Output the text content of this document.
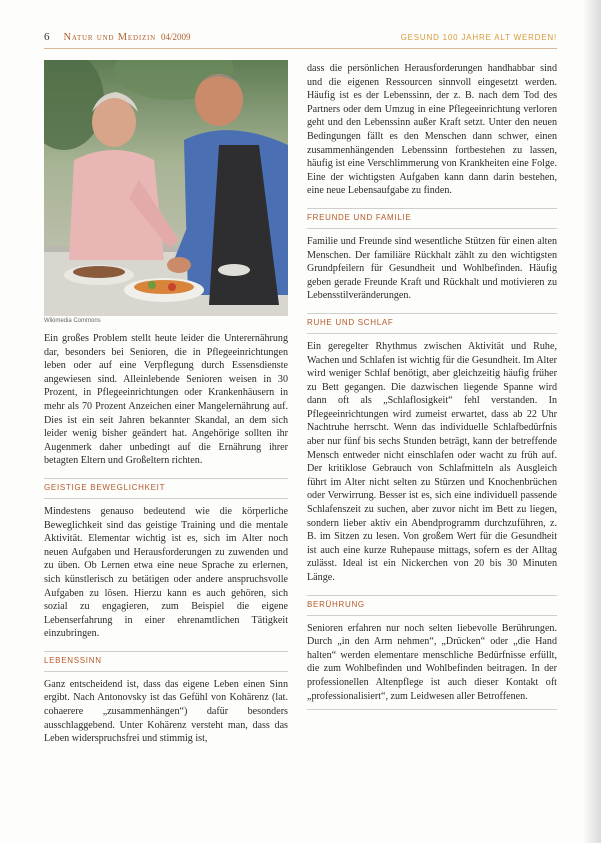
6 Natur und Medizin 04/2009	GESUND 100 JAHRE ALT WERDEN!
Wikimedia Commons

Ein großes Problem stellt heute leider die Unterernährung dar, besonders bei Senioren, die in Pflegeeinrichtungen leben oder auf eine Verpflegung durch Essensdienste angewiesen sind. Alleinlebende Senioren weisen in 30 Prozent, in Pflegeeinrichtungen oder Krankenhäusern in mehr als 70 Prozent Anzeichen einer Mangelernährung auf. Dies ist ein seit Jahren bekannter Skandal, an dem sich leider wenig bisher geändert hat. Angehörige sollten ihr Augenmerk daher unbedingt auf die Ernährung ihrer betagten Eltern und Großeltern richten.

GEISTIGE BEWEGLICHKEIT

Mindestens genauso bedeutend wie die körperliche Beweglichkeit sind das geistige Training und die mentale Aktivität. Elementar wichtig ist es, sich im Alter noch neuen Aufgaben und Herausforderungen zu zuwenden und zu üben. Ob Lernen etwa eine neue Sprache zu erlernen, sich künstlerisch zu betätigen oder andere anspruchsvolle Aufgaben zu lösen. Hierzu kann es auch gehören, sich sozial zu engagieren, zum Beispiel die eigene Lebenserfahrung in einer ehrenamtlichen Tätigkeit einzubringen.

LEBENSSINN

Ganz entscheidend ist, dass das eigene Leben einen Sinn ergibt. Nach Antonovsky ist das Gefühl von Kohärenz (lat. cohaerere „zusammenhängen“) dafür besonders ausschlaggebend. Unter Kohärenz versteht man, dass das Leben widerspruchsfrei und stimmig ist,

dass die persönlichen Herausforderungen handhabbar sind und die eigenen Ressourcen sinnvoll eingesetzt werden. Häufig ist es der Lebenssinn, der z. B. nach dem Tod des Partners oder dem Umzug in eine Pflegeeinrichtung verloren geht und den Lebenssinn außer Kraft setzt. Unter den neuen Bedingungen fällt es den Menschen dann schwer, einen zusammenhängenden Lebenssinn fortbestehen zu lassen, häufig ist eine Verschlimmerung von Krankheiten eine Folge. Eine der wichtigsten Aufgaben kann dann darin bestehen, eine neue Lebensaufgabe zu finden.

FREUNDE UND FAMILIE

Familie und Freunde sind wesentliche Stützen für einen alten Menschen. Der familiäre Rückhalt zählt zu den wichtigsten Grundpfeilern für Gesundheit und Wohlbefinden. Häufig geben gerade Freunde Kraft und Rückhalt und motivieren zu Lebensstilveränderungen.

RUHE UND SCHLAF

Ein geregelter Rhythmus zwischen Aktivität und Ruhe, Wachen und Schlafen ist wichtig für die Gesundheit. Im Alter wird weniger Schlaf benötigt, aber gleichzeitig häufig früher zu Bett gegangen. Die dazwischen liegende Spanne wird dann oft als „Schlaflosigkeit“ fehl verstanden. In Pflegeeinrichtungen wird zumeist erwartet, dass ab 22 Uhr Nachtruhe herrscht. Wenn das individuelle Schlafbedürfnis aber nur fünf bis sechs Stunden beträgt, kann der betreffende Mensch entweder nicht einschlafen oder wacht zu früh auf. Der kritiklose Gebrauch von Schlafmitteln als Ausgleich führt im Alter nicht selten zu Stürzen und Knochenbrüchen oder Verwirrung. Besser ist es, sich eine individuell passende Schlafenszeit zu suchen, aber zuvor nicht im Bett zu liegen, sondern lieber aktiv ein Abendprogramm durchzuführen, z. B. im Sitzen zu lesen. Von großem Wert für die Gesundheit ist auch eine kurze Ruhepause mittags, sofern es der Alltag zulässt. Ideal ist ein Nickerchen von 20 bis 30 Minuten Länge.

BERÜHRUNG

Senioren erfahren nur noch selten liebevolle Berührungen. Durch „in den Arm nehmen“, „Drücken“ oder „die Hand halten“ werden elementare menschliche Bedürfnisse erfüllt, die zum Wohlbefinden und Wohlbefinden beitragen. In der professionellen Altenpflege ist auch dieser Kontakt oft „professionalisiert“, zum Leidwesen aller Betroffenen.
